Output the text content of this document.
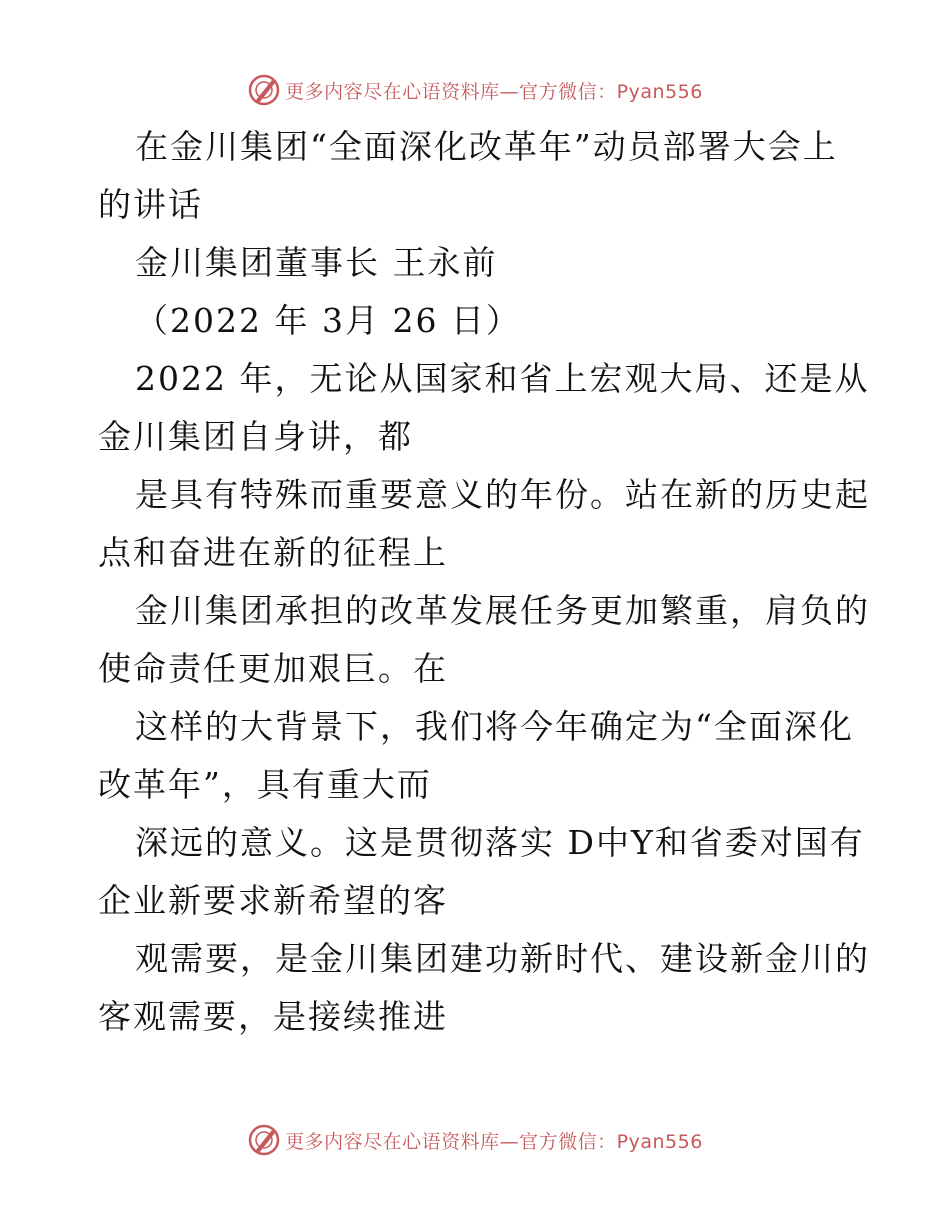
更多内容尽在心语资料库—官方微信：Pyan556
在金川集团“全面深化改革年”动员部署大会上
的讲话
金川集团董事长 王永前
（2022 年 3月 26 日）
2022 年，无论从国家和省上宏观大局、还是从
金川集团自身讲，都
是具有特殊而重要意义的年份。站在新的历史起
点和奋进在新的征程上
金川集团承担的改革发展任务更加繁重，肩负的
使命责任更加艰巨。在
这样的大背景下，我们将今年确定为“全面深化
改革年”，具有重大而
深远的意义。这是贯彻落实 D中Y和省委对国有
企业新要求新希望的客
观需要，是金川集团建功新时代、建设新金川的
客观需要，是接续推进
更多内容尽在心语资料库—官方微信：Pyan556
